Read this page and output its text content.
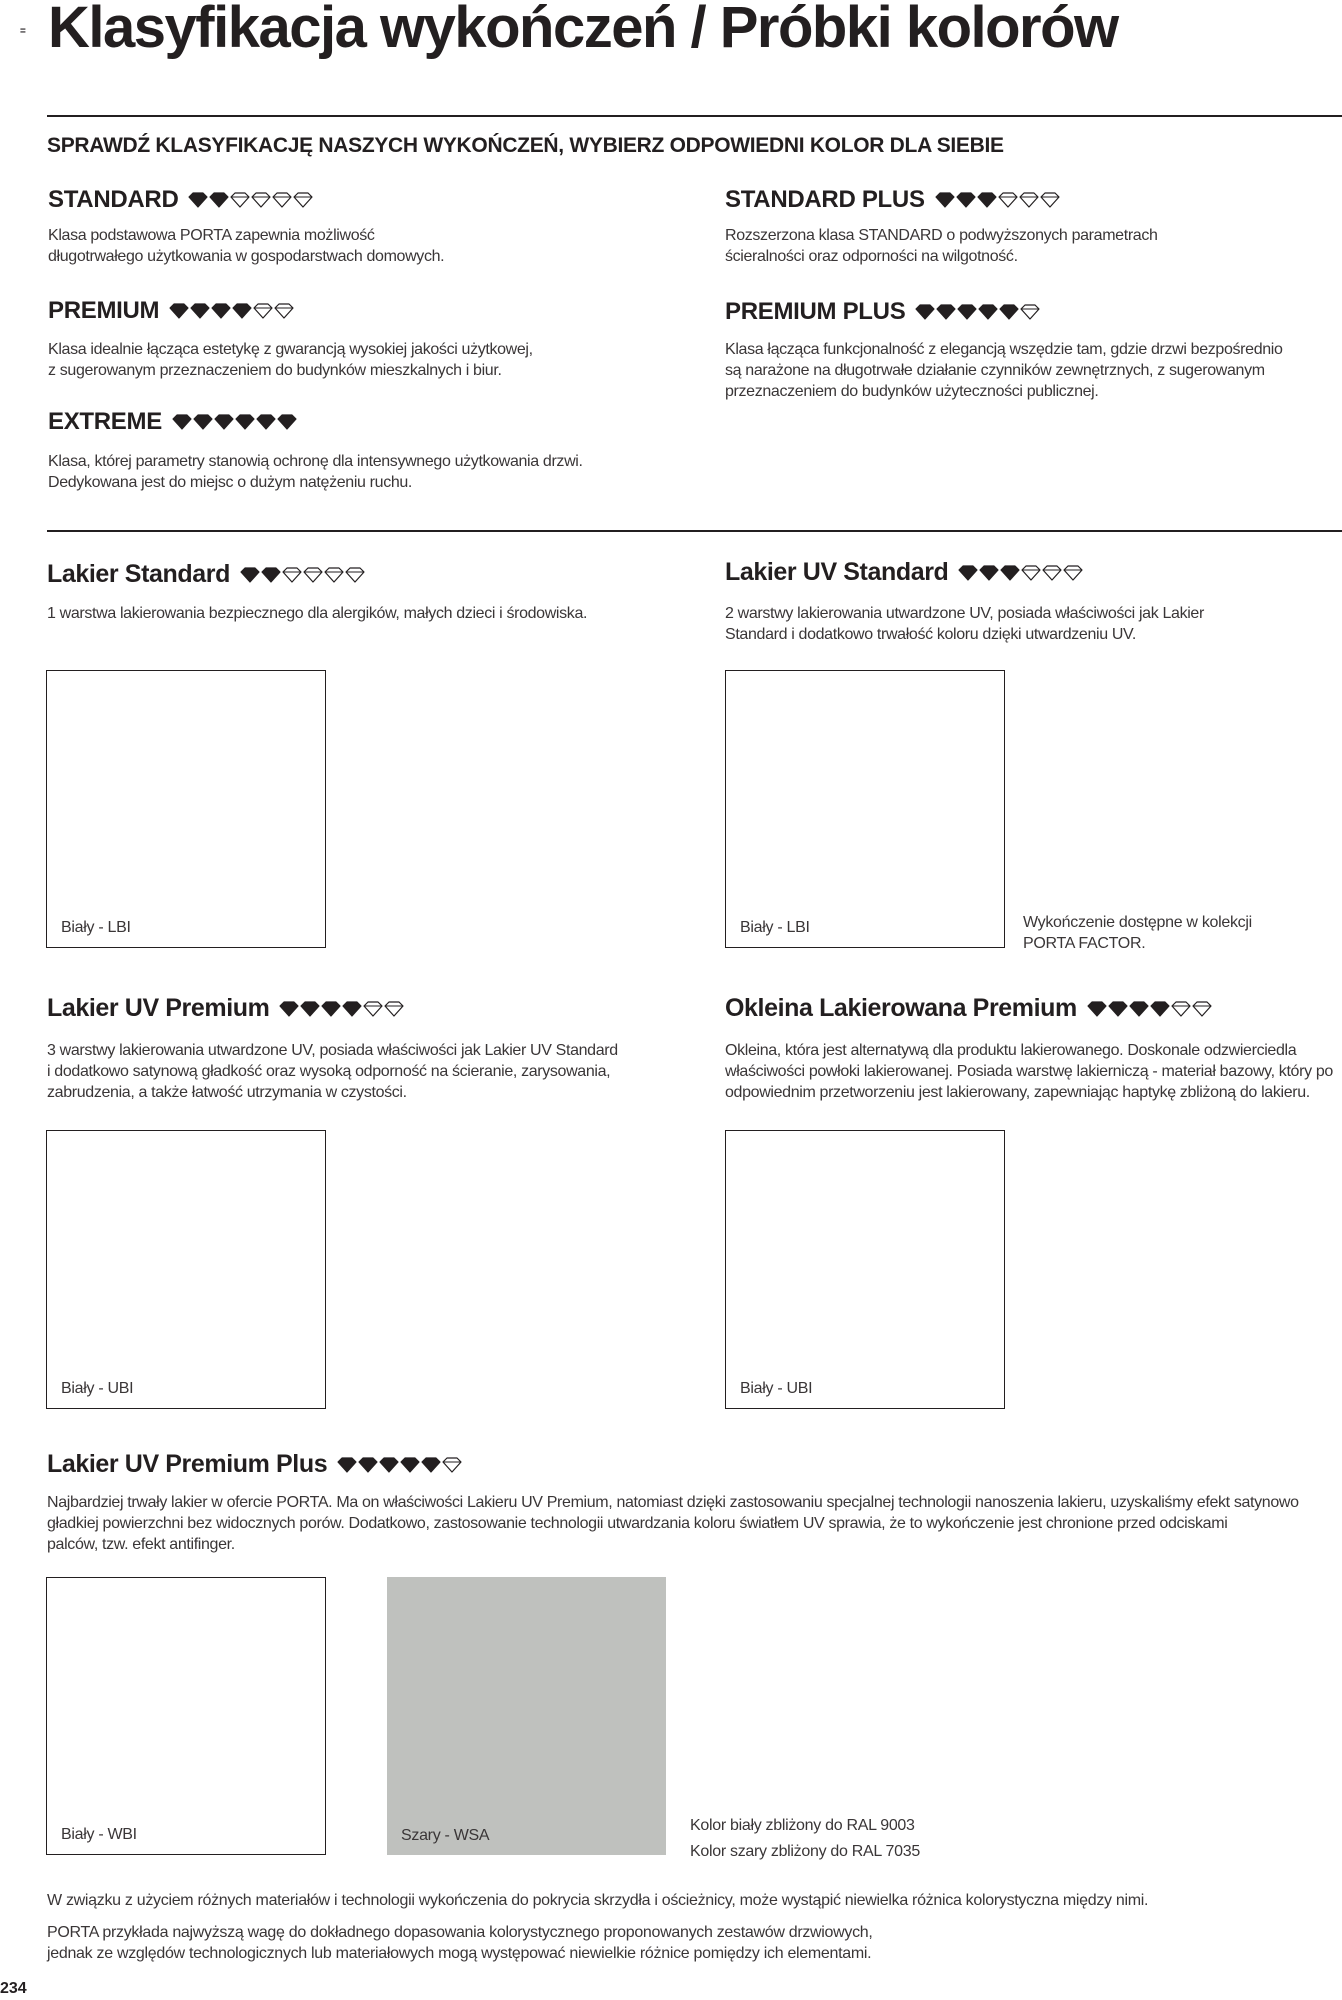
= Klasyfikacja wykończeń / Próbki kolorów
SPRAWDŹ KLASYFIKACJĘ NASZYCH WYKOŃCZEŃ, WYBIERZ ODPOWIEDNI KOLOR DLA SIEBIE
STANDARD
Klasa podstawowa PORTA zapewnia możliwość
długotrwałego użytkowania w gospodarstwach domowych.
STANDARD PLUS
Rozszerzona klasa STANDARD o podwyższonych parametrach
ścieralności oraz odporności na wilgotność.
PREMIUM
Klasa idealnie łącząca estetykę z gwarancją wysokiej jakości użytkowej,
z sugerowanym przeznaczeniem do budynków mieszkalnych i biur.
PREMIUM PLUS
Klasa łącząca funkcjonalność z elegancją wszędzie tam, gdzie drzwi bezpośrednio
są narażone na długotrwałe działanie czynników zewnętrznych, z sugerowanym
przeznaczeniem do budynków użyteczności publicznej.
EXTREME
Klasa, której parametry stanowią ochronę dla intensywnego użytkowania drzwi.
Dedykowana jest do miejsc o dużym natężeniu ruchu.
Lakier Standard
1 warstwa lakierowania bezpiecznego dla alergików, małych dzieci i środowiska.
Biały - LBI
Lakier UV Standard
2 warstwy lakierowania utwardzone UV, posiada właściwości jak Lakier
Standard i dodatkowo trwałość koloru dzięki utwardzeniu UV.
Biały - LBI	Wykończenie dostępne w kolekcji
PORTA FACTOR.
Lakier UV Premium
3 warstwy lakierowania utwardzone UV, posiada właściwości jak Lakier UV Standard
i dodatkowo satynową gładkość oraz wysoką odporność na ścieranie, zarysowania,
zabrudzenia, a także łatwość utrzymania w czystości.
Biały - UBI
Okleina Lakierowana Premium
Okleina, która jest alternatywą dla produktu lakierowanego. Doskonale odzwierciedla
właściwości powłoki lakierowanej. Posiada warstwę lakierniczą - materiał bazowy, który po
odpowiednim przetworzeniu jest lakierowany, zapewniając haptykę zbliżoną do lakieru.
Biały - UBI
Lakier UV Premium Plus
Najbardziej trwały lakier w ofercie PORTA. Ma on właściwości Lakieru UV Premium, natomiast dzięki zastosowaniu specjalnej technologii nanoszenia lakieru, uzyskaliśmy efekt satynowo
gładkiej powierzchni bez widocznych porów. Dodatkowo, zastosowanie technologii utwardzania koloru światłem UV sprawia, że to wykończenie jest chronione przed odciskami
palców, tzw. efekt antifinger.
Biały - WBI	Szary - WSA
Kolor biały zbliżony do RAL 9003
Kolor szary zbliżony do RAL 7035
W związku z użyciem różnych materiałów i technologii wykończenia do pokrycia skrzydła i ościeżnicy, może wystąpić niewielka różnica kolorystyczna między nimi.
PORTA przykłada najwyższą wagę do dokładnego dopasowania kolorystycznego proponowanych zestawów drzwiowych,
jednak ze względów technologicznych lub materiałowych mogą występować niewielkie różnice pomiędzy ich elementami.
234
